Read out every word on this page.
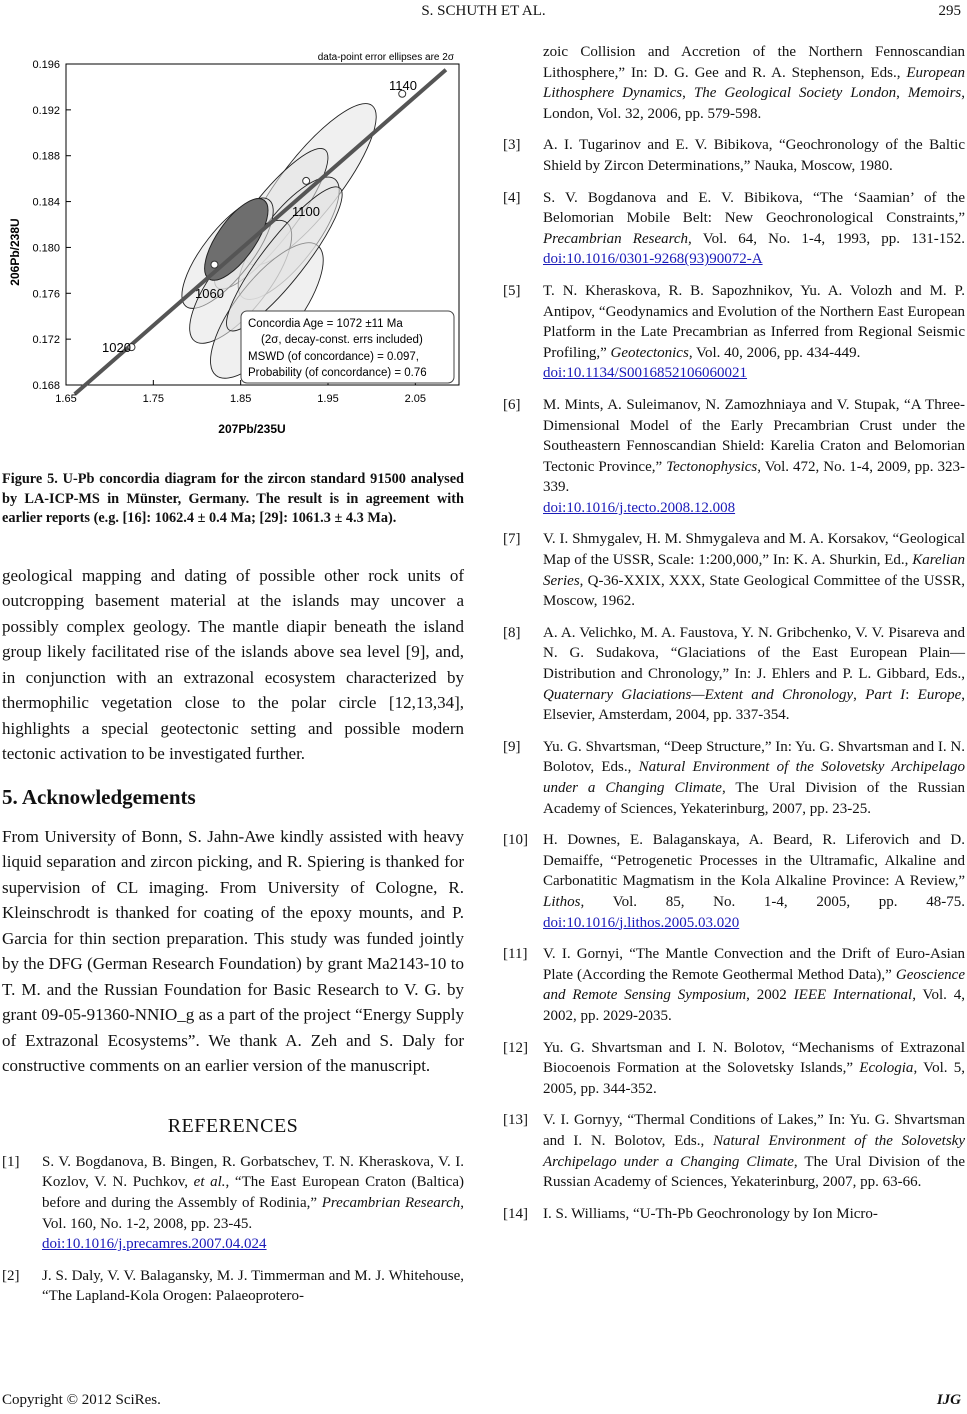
S. SCHUTH ET AL.	295
0.196
0.192
0.188
0.184
0.180
0.176
0.172
0.168
1.65	1.75	1.85	1.95	2.05
data-point error ellipses are 2σ
1140
1100
1060
1020
Concordia Age = 1072 ±11 Ma
(2σ, decay-const. errs included)
MSWD (of concordance) = 0.097,
Probability (of concordance) = 0.76
206Pb/238U
207Pb/235U
Figure 5. U-Pb concordia diagram for the zircon standard 91500 analysed by LA-ICP-MS in Münster, Germany. The result is in agreement with earlier reports (e.g. [16]: 1062.4 ± 0.4 Ma; [29]: 1061.3 ± 4.3 Ma).

geological mapping and dating of possible other rock units of outcropping basement material at the islands may uncover a possibly complex geology. The mantle diapir beneath the island group likely facilitated rise of the islands above sea level [9], and, in conjunction with an extrazonal ecosystem characterized by thermophilic vegetation close to the polar circle [12,13,34], highlights a special geotectonic setting and possible modern tectonic activation to be investigated further.

5. Acknowledgements

From University of Bonn, S. Jahn-Awe kindly assisted with heavy liquid separation and zircon picking, and R. Spiering is thanked for supervision of CL imaging. From University of Cologne, R. Kleinschrodt is thanked for coating of the epoxy mounts, and P. Garcia for thin section preparation. This study was funded jointly by the DFG (German Research Foundation) by grant Ma2143-10 to T. M. and the Russian Foundation for Basic Research to V. G. by grant 09-05-91360-NNIO_g as a part of the project “Energy Supply of Extrazonal Ecosystems”. We thank A. Zeh and S. Daly for constructive comments on an earlier version of the manuscript.

REFERENCES
[1]	S. V. Bogdanova, B. Bingen, R. Gorbatschev, T. N. Kheraskova, V. I. Kozlov, V. N. Puchkov, et al., “The East European Craton (Baltica) before and during the Assembly of Rodinia,” Precambrian Research, Vol. 160, No. 1-2, 2008, pp. 23-45.
doi:10.1016/j.precamres.2007.04.024
[2]	J. S. Daly, V. V. Balagansky, M. J. Timmerman and M. J. Whitehouse, “The Lapland-Kola Orogen: Palaeoprotero-
zoic Collision and Accretion of the Northern Fennoscandian Lithosphere,” In: D. G. Gee and R. A. Stephenson, Eds., European Lithosphere Dynamics, The Geological Society London, Memoirs, London, Vol. 32, 2006, pp. 579-598.
[3]	A. I. Tugarinov and E. V. Bibikova, “Geochronology of the Baltic Shield by Zircon Determinations,” Nauka, Moscow, 1980.
[4]	S. V. Bogdanova and E. V. Bibikova, “The ‘Saamian’ of the Belomorian Mobile Belt: New Geochronological Constraints,” Precambrian Research, Vol. 64, No. 1-4, 1993, pp. 131-152. doi:10.1016/0301-9268(93)90072-A
[5]	T. N. Kheraskova, R. B. Sapozhnikov, Yu. A. Volozh and M. P. Antipov, “Geodynamics and Evolution of the Northern East European Platform in the Late Precambrian as Inferred from Regional Seismic Profiling,” Geotectonics, Vol. 40, 2006, pp. 434-449.
doi:10.1134/S0016852106060021
[6]	M. Mints, A. Suleimanov, N. Zamozhniaya and V. Stupak, “A Three-Dimensional Model of the Early Precambrian Crust under the Southeastern Fennoscandian Shield: Karelia Craton and Belomorian Tectonic Province,” Tectonophysics, Vol. 472, No. 1-4, 2009, pp. 323-339.
doi:10.1016/j.tecto.2008.12.008
[7]	V. I. Shmygalev, H. M. Shmygaleva and M. A. Korsakov, “Geological Map of the USSR, Scale: 1:200,000,” In: K. A. Shurkin, Ed., Karelian Series, Q-36-XXIX, XXX, State Geological Committee of the USSR, Moscow, 1962.
[8]	A. A. Velichko, M. A. Faustova, Y. N. Gribchenko, V. V. Pisareva and N. G. Sudakova, “Glaciations of the East European Plain—Distribution and Chronology,” In: J. Ehlers and P. L. Gibbard, Eds., Quaternary Glaciations—Extent and Chronology, Part I: Europe, Elsevier, Amsterdam, 2004, pp. 337-354.
[9]	Yu. G. Shvartsman, “Deep Structure,” In: Yu. G. Shvartsman and I. N. Bolotov, Eds., Natural Environment of the Solovetsky Archipelago under a Changing Climate, The Ural Division of the Russian Academy of Sciences, Yekaterinburg, 2007, pp. 23-25.
[10]	H. Downes, E. Balaganskaya, A. Beard, R. Liferovich and D. Demaiffe, “Petrogenetic Processes in the Ultramafic, Alkaline and Carbonatitic Magmatism in the Kola Alkaline Province: A Review,” Lithos, Vol. 85, No. 1-4, 2005, pp. 48-75. doi:10.1016/j.lithos.2005.03.020
[11]	V. I. Gornyi, “The Mantle Convection and the Drift of Euro-Asian Plate (According the Remote Geothermal Method Data),” Geoscience and Remote Sensing Symposium, 2002 IEEE International, Vol. 4, 2002, pp. 2029-2035.
[12]	Yu. G. Shvartsman and I. N. Bolotov, “Mechanisms of Extrazonal Biocoenois Formation at the Solovetsky Islands,” Ecologia, Vol. 5, 2005, pp. 344-352.
[13]	V. I. Gornyy, “Thermal Conditions of Lakes,” In: Yu. G. Shvartsman and I. N. Bolotov, Eds., Natural Environment of the Solovetsky Archipelago under a Changing Climate, The Ural Division of the Russian Academy of Sciences, Yekaterinburg, 2007, pp. 63-66.
[14]	I. S. Williams, “U-Th-Pb Geochronology by Ion Micro-
Copyright © 2012 SciRes.	IJG
